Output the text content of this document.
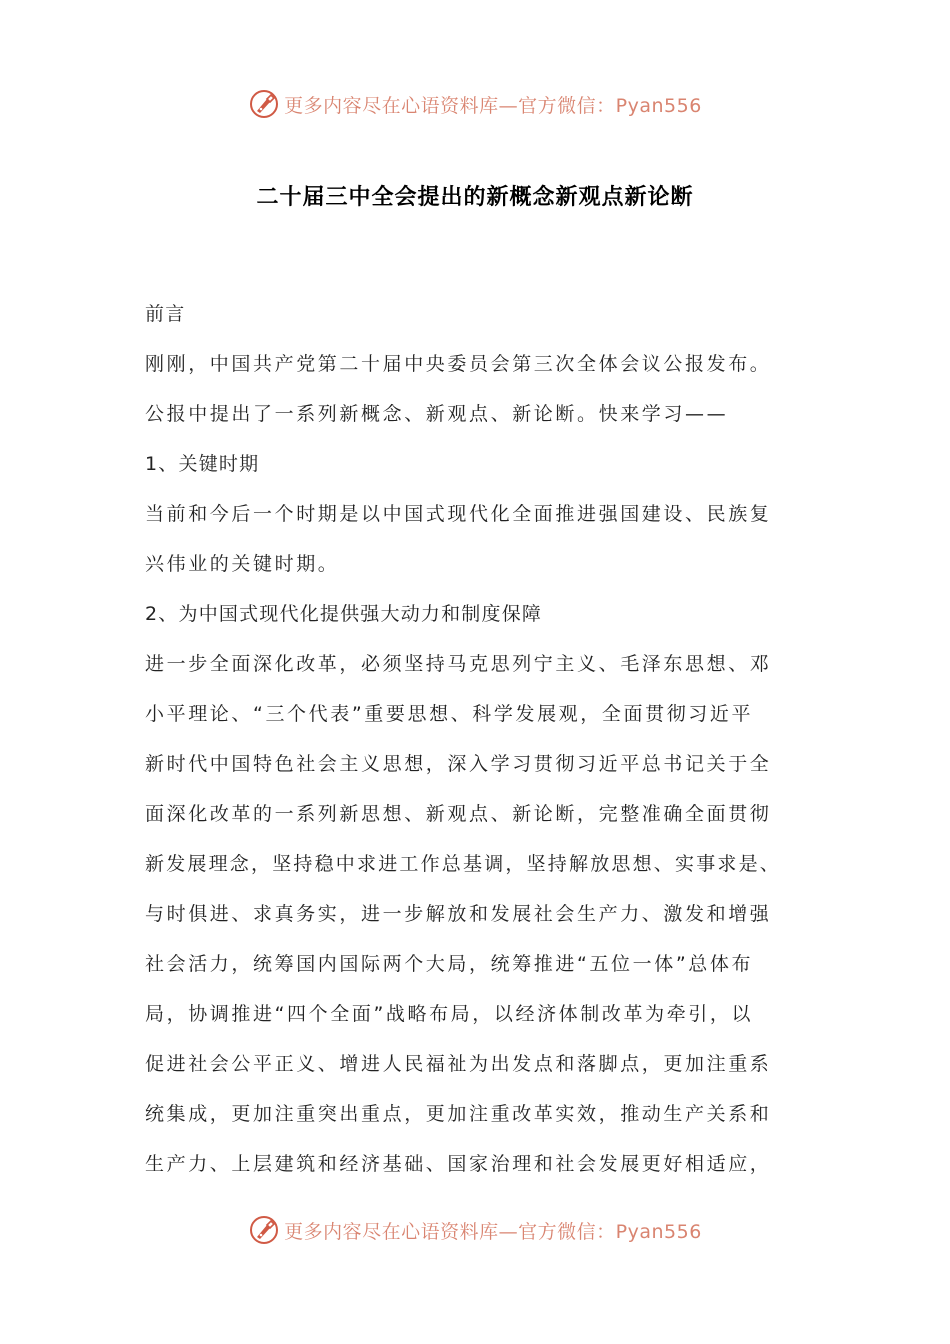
更多内容尽在心语资料库—官方微信：Pyan556
二十届三中全会提出的新概念新观点新论断
前言
刚刚，中国共产党第二十届中央委员会第三次全体会议公报发布。
公报中提出了一系列新概念、新观点、新论断。快来学习——
1、关键时期
当前和今后一个时期是以中国式现代化全面推进强国建设、民族复
兴伟业的关键时期。
2、为中国式现代化提供强大动力和制度保障
进一步全面深化改革，必须坚持马克思列宁主义、毛泽东思想、邓
小平理论、“三个代表”重要思想、科学发展观，全面贯彻习近平
新时代中国特色社会主义思想，深入学习贯彻习近平总书记关于全
面深化改革的一系列新思想、新观点、新论断，完整准确全面贯彻
新发展理念，坚持稳中求进工作总基调，坚持解放思想、实事求是、
与时俱进、求真务实，进一步解放和发展社会生产力、激发和增强
社会活力，统筹国内国际两个大局，统筹推进“五位一体”总体布
局，协调推进“四个全面”战略布局，以经济体制改革为牵引，以
促进社会公平正义、增进人民福祉为出发点和落脚点，更加注重系
统集成，更加注重突出重点，更加注重改革实效，推动生产关系和
生产力、上层建筑和经济基础、国家治理和社会发展更好相适应，
更多内容尽在心语资料库—官方微信：Pyan556
